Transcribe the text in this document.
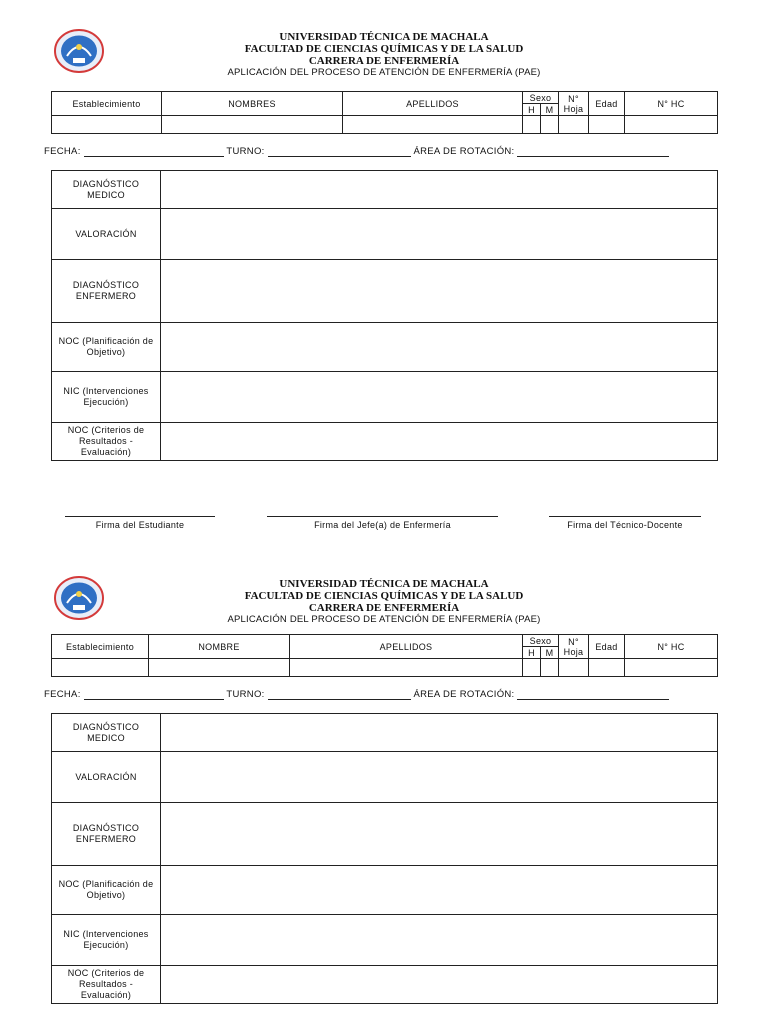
UNIVERSIDAD TÉCNICA DE MACHALA
FACULTAD DE CIENCIAS QUÍMICAS Y DE LA SALUD
CARRERA DE ENFERMERÍA
APLICACIÓN DEL PROCESO DE ATENCIÓN DE ENFERMERÍA (PAE)
Establecimiento	NOMBRES	APELLIDOS	Sexo		N° Hoja	Edad	N° HC
			H	M			

FECHA:	TURNO:	ÁREA DE ROTACIÓN:
DIAGNÓSTICO MEDICO	
VALORACIÓN	
DIAGNÓSTICO ENFERMERO	
NOC (Planificación de Objetivo)	
NIC (Intervenciones Ejecución)	
NOC (Criterios de Resultados - Evaluación)	
Firma del Estudiante	Firma del Jefe(a) de Enfermería	Firma del Técnico-Docente
UNIVERSIDAD TÉCNICA DE MACHALA
FACULTAD DE CIENCIAS QUÍMICAS Y DE LA SALUD
CARRERA DE ENFERMERÍA
APLICACIÓN DEL PROCESO DE ATENCIÓN DE ENFERMERÍA (PAE)
Establecimiento	NOMBRE	APELLIDOS	Sexo		N° Hoja	Edad	N° HC
			H	M			

FECHA:	TURNO:	ÁREA DE ROTACIÓN:
DIAGNÓSTICO MEDICO	
VALORACIÓN	
DIAGNÓSTICO ENFERMERO	
NOC (Planificación de Objetivo)	
NIC (Intervenciones Ejecución)	
NOC (Criterios de Resultados - Evaluación)	
